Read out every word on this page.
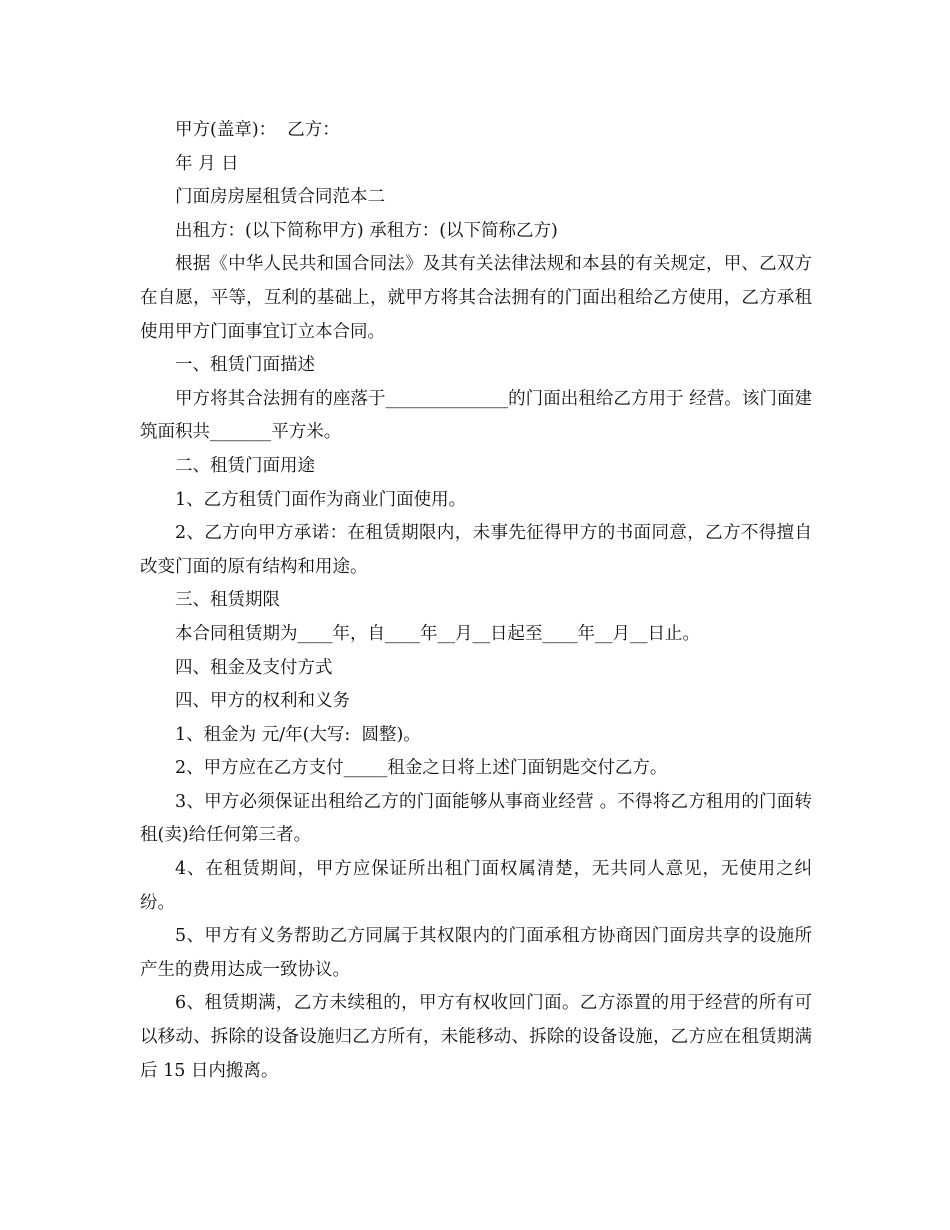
甲方(盖章)：  乙方：

年 月 日

门面房房屋租赁合同范本二

出租方：(以下简称甲方) 承租方：(以下简称乙方)

根据《中华人民共和国合同法》及其有关法律法规和本县的有关规定，甲、乙双方在自愿，平等，互利的基础上，就甲方将其合法拥有的门面出租给乙方使用，乙方承租使用甲方门面事宜订立本合同。

一、租赁门面描述

甲方将其合法拥有的座落于______________的门面出租给乙方用于 经营。该门面建筑面积共_______平方米。

二、租赁门面用途

1、乙方租赁门面作为商业门面使用。

2、乙方向甲方承诺：在租赁期限内，未事先征得甲方的书面同意，乙方不得擅自改变门面的原有结构和用途。

三、租赁期限

本合同租赁期为____年，自____年__月__日起至____年__月__日止。

四、租金及支付方式

四、甲方的权利和义务

1、租金为 元/年(大写:  圆整)。

2、甲方应在乙方支付_____租金之日将上述门面钥匙交付乙方。

3、甲方必须保证出租给乙方的门面能够从事商业经营 。不得将乙方租用的门面转租(卖)给任何第三者。

4、在租赁期间，甲方应保证所出租门面权属清楚，无共同人意见，无使用之纠纷。

5、甲方有义务帮助乙方同属于其权限内的门面承租方协商因门面房共享的设施所产生的费用达成一致协议。

6、租赁期满，乙方未续租的，甲方有权收回门面。乙方添置的用于经营的所有可以移动、拆除的设备设施归乙方所有，未能移动、拆除的设备设施，乙方应在租赁期满后 15 日内搬离。
